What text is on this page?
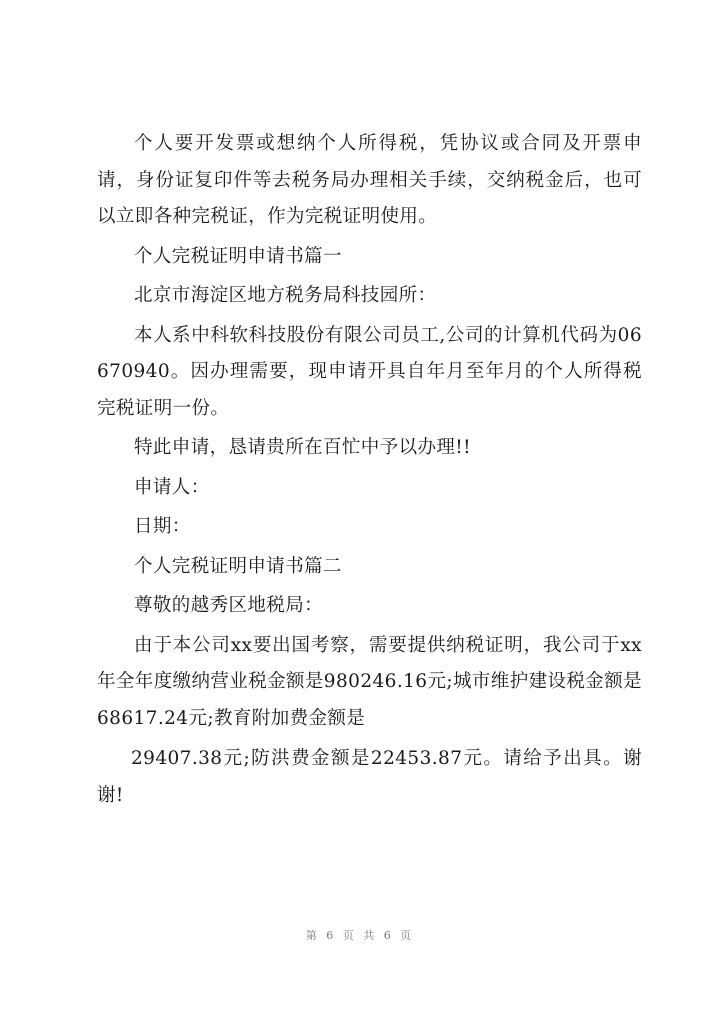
个人要开发票或想纳个人所得税，凭协议或合同及开票申请，身份证复印件等去税务局办理相关手续，交纳税金后，也可以立即各种完税证，作为完税证明使用。

个人完税证明申请书篇一

北京市海淀区地方税务局科技园所：

本人系中科软科技股份有限公司员工,公司的计算机代码为06670940。因办理需要，现申请开具自年月至年月的个人所得税完税证明一份。

特此申请，恳请贵所在百忙中予以办理!!

申请人：

日期：

个人完税证明申请书篇二

尊敬的越秀区地税局：

由于本公司xx要出国考察，需要提供纳税证明，我公司于xx年全年度缴纳营业税金额是980246.16元;城市维护建设税金额是68617.24元;教育附加费金额是

29407.38元;防洪费金额是22453.87元。请给予出具。谢谢!

第 6 页 共 6 页
